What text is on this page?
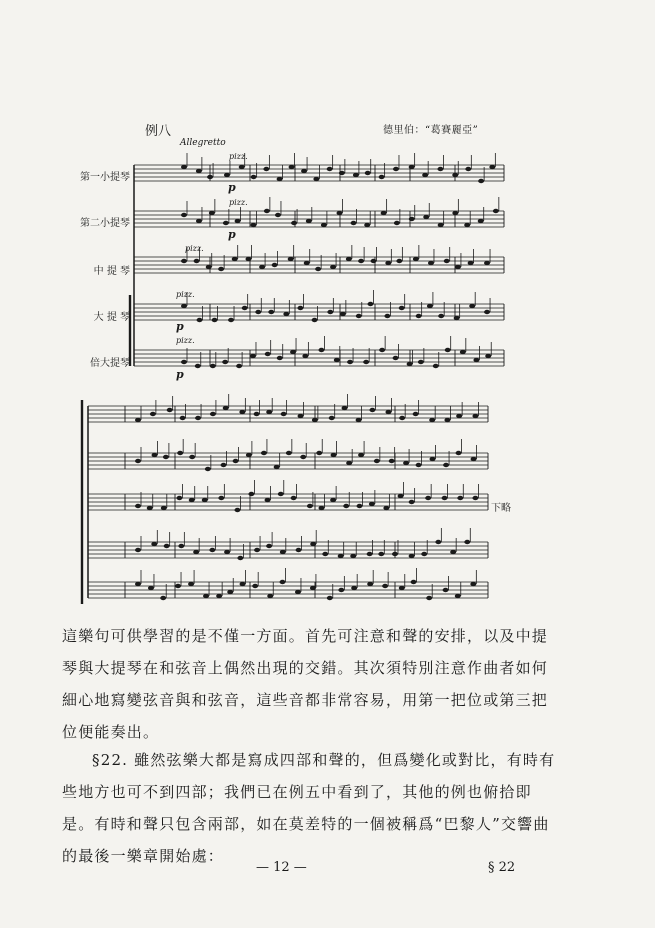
例八	德里伯：“葛賽麗亞”
Allegretto
第一小提琴
第二小提琴
中 提 琴
大 提 琴
倍大提琴
pizz.
pizz.
pizz.
pizz.
pizz.
p
p
p
p
下略
這樂句可供學習的是不僅一方面。首先可注意和聲的安排，以及中提琴與大提琴在和弦音上偶然出現的交錯。其次須特別注意作曲者如何細心地寫變弦音與和弦音，這些音都非常容易，用第一把位或第三把位便能奏出。
§22. 雖然弦樂大都是寫成四部和聲的，但爲變化或對比，有時有些地方也可不到四部；我們已在例五中看到了，其他的例也俯拾即是。有時和聲只包含兩部，如在莫差特的一個被稱爲“巴黎人”交響曲的最後一樂章開始處：
— 12 —	§ 22
